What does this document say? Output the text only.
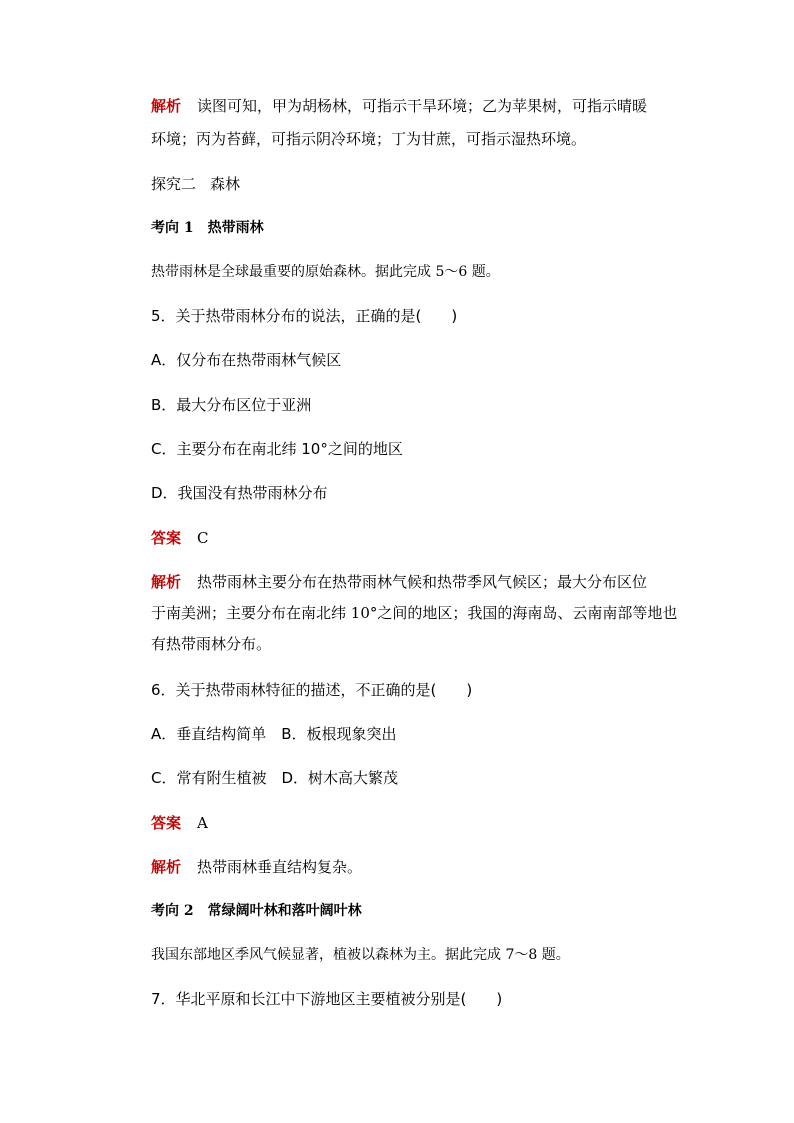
解析 读图可知，甲为胡杨林，可指示干旱环境；乙为苹果树，可指示晴暖
环境；丙为苔藓，可指示阴冷环境；丁为甘蔗，可指示湿热环境。
探究二 森林
考向 1 热带雨林
热带雨林是全球最重要的原始森林。据此完成 5～6 题。
5．关于热带雨林分布的说法，正确的是(　　)
A．仅分布在热带雨林气候区
B．最大分布区位于亚洲
C．主要分布在南北纬 10°之间的地区
D．我国没有热带雨林分布
答案 C
解析 热带雨林主要分布在热带雨林气候和热带季风气候区；最大分布区位
于南美洲；主要分布在南北纬 10°之间的地区；我国的海南岛、云南南部等地也
有热带雨林分布。
6．关于热带雨林特征的描述，不正确的是(　　)
A．垂直结构简单　B．板根现象突出
C．常有附生植被　D．树木高大繁茂
答案 A
解析 热带雨林垂直结构复杂。
考向 2 常绿阔叶林和落叶阔叶林
我国东部地区季风气候显著，植被以森林为主。据此完成 7～8 题。
7．华北平原和长江中下游地区主要植被分别是(　　)
